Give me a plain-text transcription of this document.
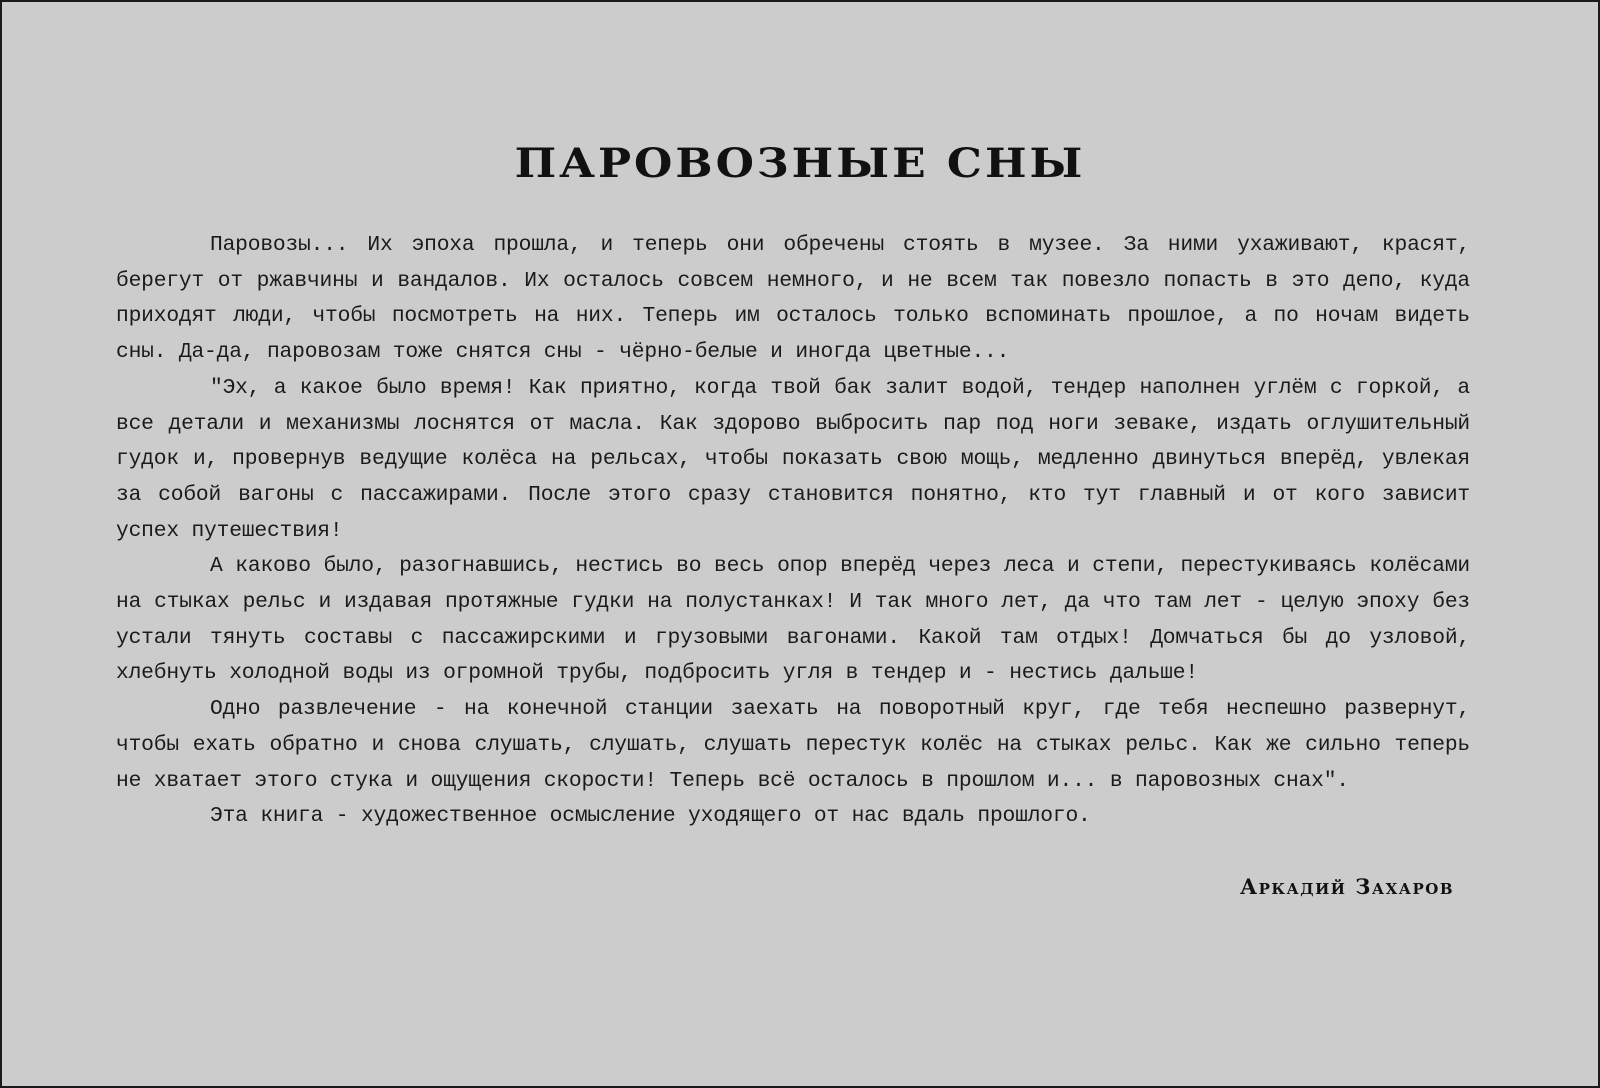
ПАРОВОЗНЫЕ СНЫ

Паровозы... Их эпоха прошла, и теперь они обречены стоять в музее. За ними ухаживают, красят, берегут от ржавчины и вандалов. Их осталось совсем немного, и не всем так повезло попасть в это депо, куда приходят люди, чтобы посмотреть на них. Теперь им осталось только вспоминать прошлое, а по ночам видеть сны. Да-да, паровозам тоже снятся сны - чёрно-белые и иногда цветные...

"Эх, а какое было время! Как приятно, когда твой бак залит водой, тендер наполнен углём с горкой, а все детали и механизмы лоснятся от масла. Как здорово выбросить пар под ноги зеваке, издать оглушительный гудок и, провернув ведущие колёса на рельсах, чтобы показать свою мощь, медленно двинуться вперёд, увлекая за собой вагоны с пассажирами. После этого сразу становится понятно, кто тут главный и от кого зависит успех путешествия!

А каково было, разогнавшись, нестись во весь опор вперёд через леса и степи, перестукиваясь колёсами на стыках рельс и издавая протяжные гудки на полустанках! И так много лет, да что там лет - целую эпоху без устали тянуть составы с пассажирскими и грузовыми вагонами. Какой там отдых! Домчаться бы до узловой, хлебнуть холодной воды из огромной трубы, подбросить угля в тендер и - нестись дальше!

Одно развлечение - на конечной станции заехать на поворотный круг, где тебя неспешно развернут, чтобы ехать обратно и снова слушать, слушать, слушать перестук колёс на стыках рельс. Как же сильно теперь не хватает этого стука и ощущения скорости! Теперь всё осталось в прошлом и... в паровозных снах".

Эта книга - художественное осмысление уходящего от нас вдаль прошлого.

Аркадий Захаров
